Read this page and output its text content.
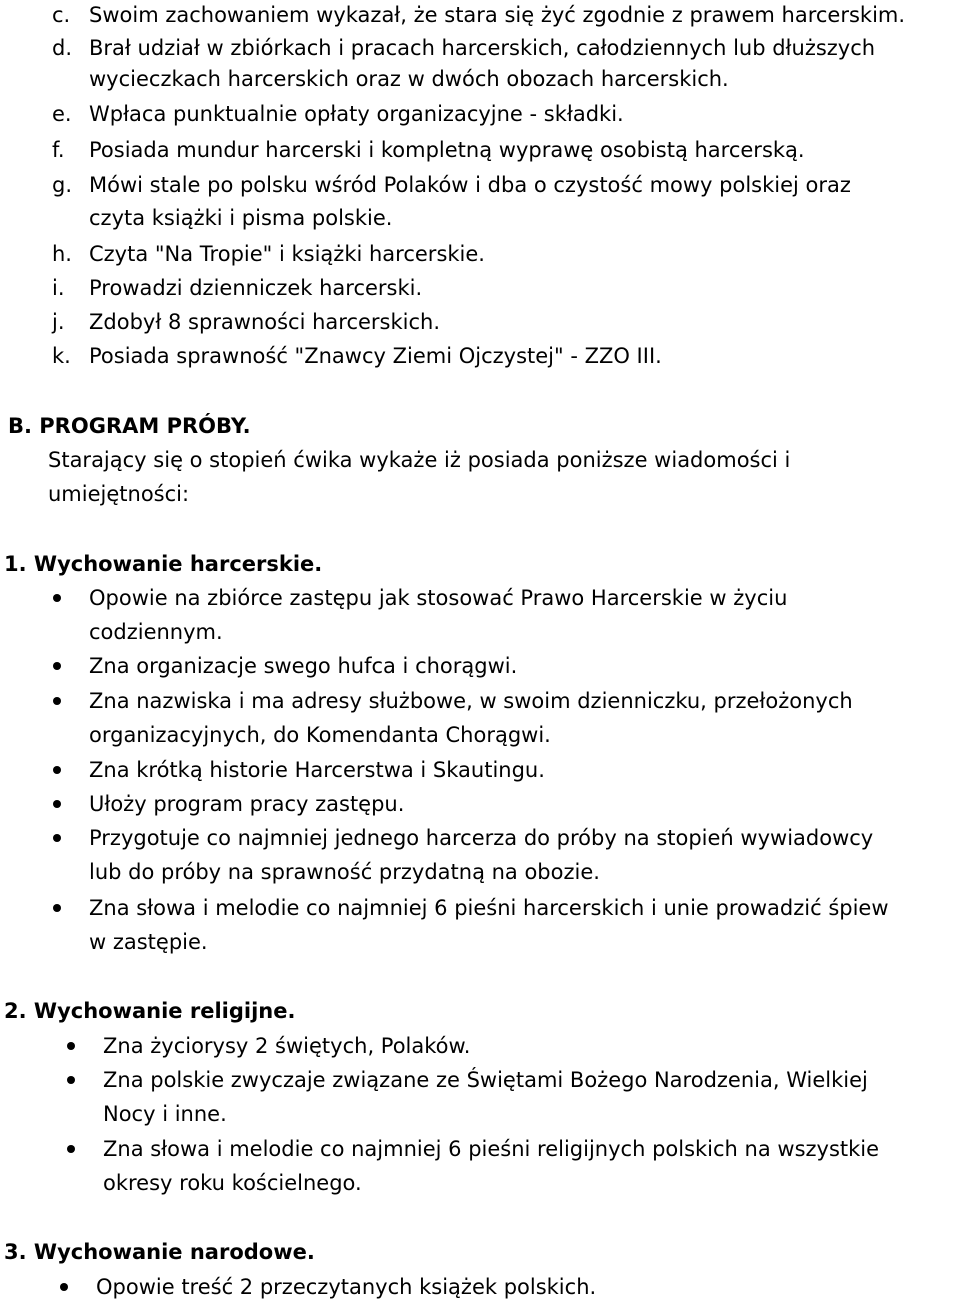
c. Swoim zachowaniem wykazał, że stara się żyć zgodnie z prawem harcerskim.
d. Brał udział w zbiórkach i pracach harcerskich, całodziennych lub dłuższych
wycieczkach harcerskich oraz w dwóch obozach harcerskich.
e. Wpłaca punktualnie opłaty organizacyjne - składki.
f. Posiada mundur harcerski i kompletną wyprawę osobistą harcerską.
g. Mówi stale po polsku wśród Polaków i dba o czystość mowy polskiej oraz
czyta książki i pisma polskie.
h. Czyta "Na Tropie" i książki harcerskie.
i. Prowadzi dzienniczek harcerski.
j. Zdobył 8 sprawności harcerskich.
k. Posiada sprawność "Znawcy Ziemi Ojczystej" - ZZO III.
B. PROGRAM PRÓBY.
Starający się o stopień ćwika wykaże iż posiada poniższe wiadomości i
umiejętności:
1. Wychowanie harcerskie.
Opowie na zbiórce zastępu jak stosować Prawo Harcerskie w życiu
codziennym.
Zna organizacje swego hufca i chorągwi.
Zna nazwiska i ma adresy służbowe, w swoim dzienniczku, przełożonych
organizacyjnych, do Komendanta Chorągwi.
Zna krótką historie Harcerstwa i Skautingu.
Ułoży program pracy zastępu.
Przygotuje co najmniej jednego harcerza do próby na stopień wywiadowcy
lub do próby na sprawność przydatną na obozie.
Zna słowa i melodie co najmniej 6 pieśni harcerskich i unie prowadzić śpiew
w zastępie.
2. Wychowanie religijne.
Zna życiorysy 2 świętych, Polaków.
Zna polskie zwyczaje związane ze Świętami Bożego Narodzenia, Wielkiej
Nocy i inne.
Zna słowa i melodie co najmniej 6 pieśni religijnych polskich na wszystkie
okresy roku kościelnego.
3. Wychowanie narodowe.
Opowie treść 2 przeczytanych książek polskich.
